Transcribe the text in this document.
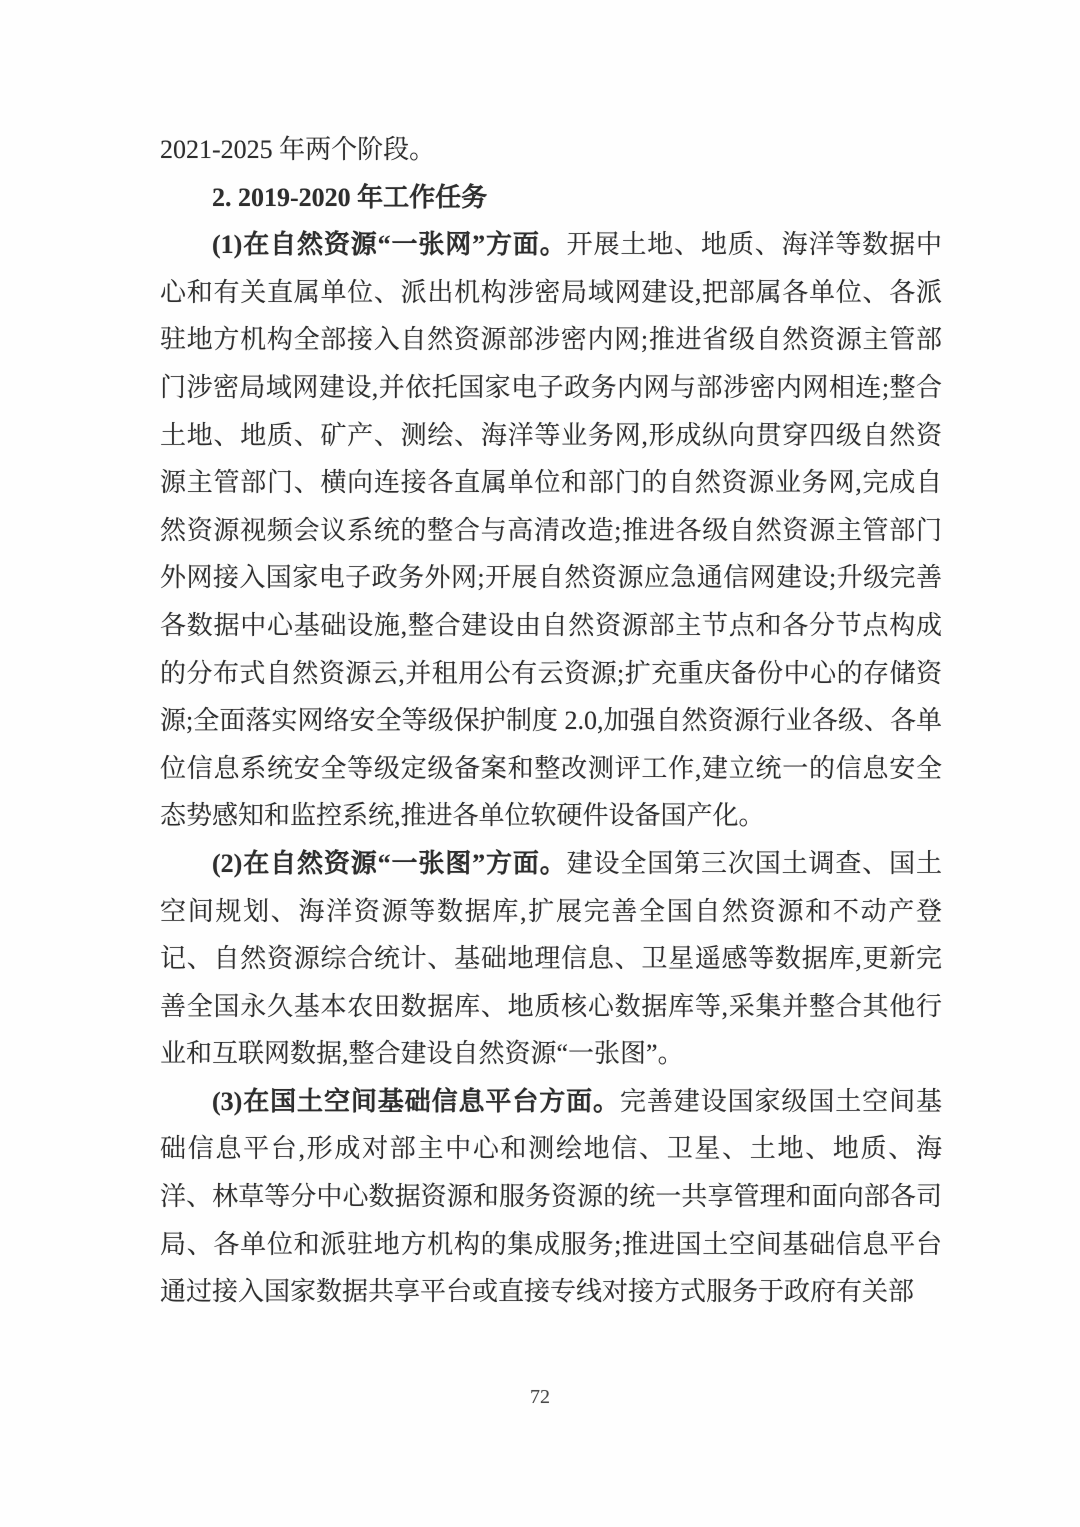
2021-2025 年两个阶段。

2. 2019-2020 年工作任务

(1)在自然资源“一张网”方面。开展土地、地质、海洋等数据中心和有关直属单位、派出机构涉密局域网建设,把部属各单位、各派驻地方机构全部接入自然资源部涉密内网;推进省级自然资源主管部门涉密局域网建设,并依托国家电子政务内网与部涉密内网相连;整合土地、地质、矿产、测绘、海洋等业务网,形成纵向贯穿四级自然资源主管部门、横向连接各直属单位和部门的自然资源业务网,完成自然资源视频会议系统的整合与高清改造;推进各级自然资源主管部门外网接入国家电子政务外网;开展自然资源应急通信网建设;升级完善各数据中心基础设施,整合建设由自然资源部主节点和各分节点构成的分布式自然资源云,并租用公有云资源;扩充重庆备份中心的存储资源;全面落实网络安全等级保护制度 2.0,加强自然资源行业各级、各单位信息系统安全等级定级备案和整改测评工作,建立统一的信息安全态势感知和监控系统,推进各单位软硬件设备国产化。

(2)在自然资源“一张图”方面。建设全国第三次国土调查、国土空间规划、海洋资源等数据库,扩展完善全国自然资源和不动产登记、自然资源综合统计、基础地理信息、卫星遥感等数据库,更新完善全国永久基本农田数据库、地质核心数据库等,采集并整合其他行业和互联网数据,整合建设自然资源“一张图”。

(3)在国土空间基础信息平台方面。完善建设国家级国土空间基础信息平台,形成对部主中心和测绘地信、卫星、土地、地质、海洋、林草等分中心数据资源和服务资源的统一共享管理和面向部各司局、各单位和派驻地方机构的集成服务;推进国土空间基础信息平台通过接入国家数据共享平台或直接专线对接方式服务于政府有关部

72
